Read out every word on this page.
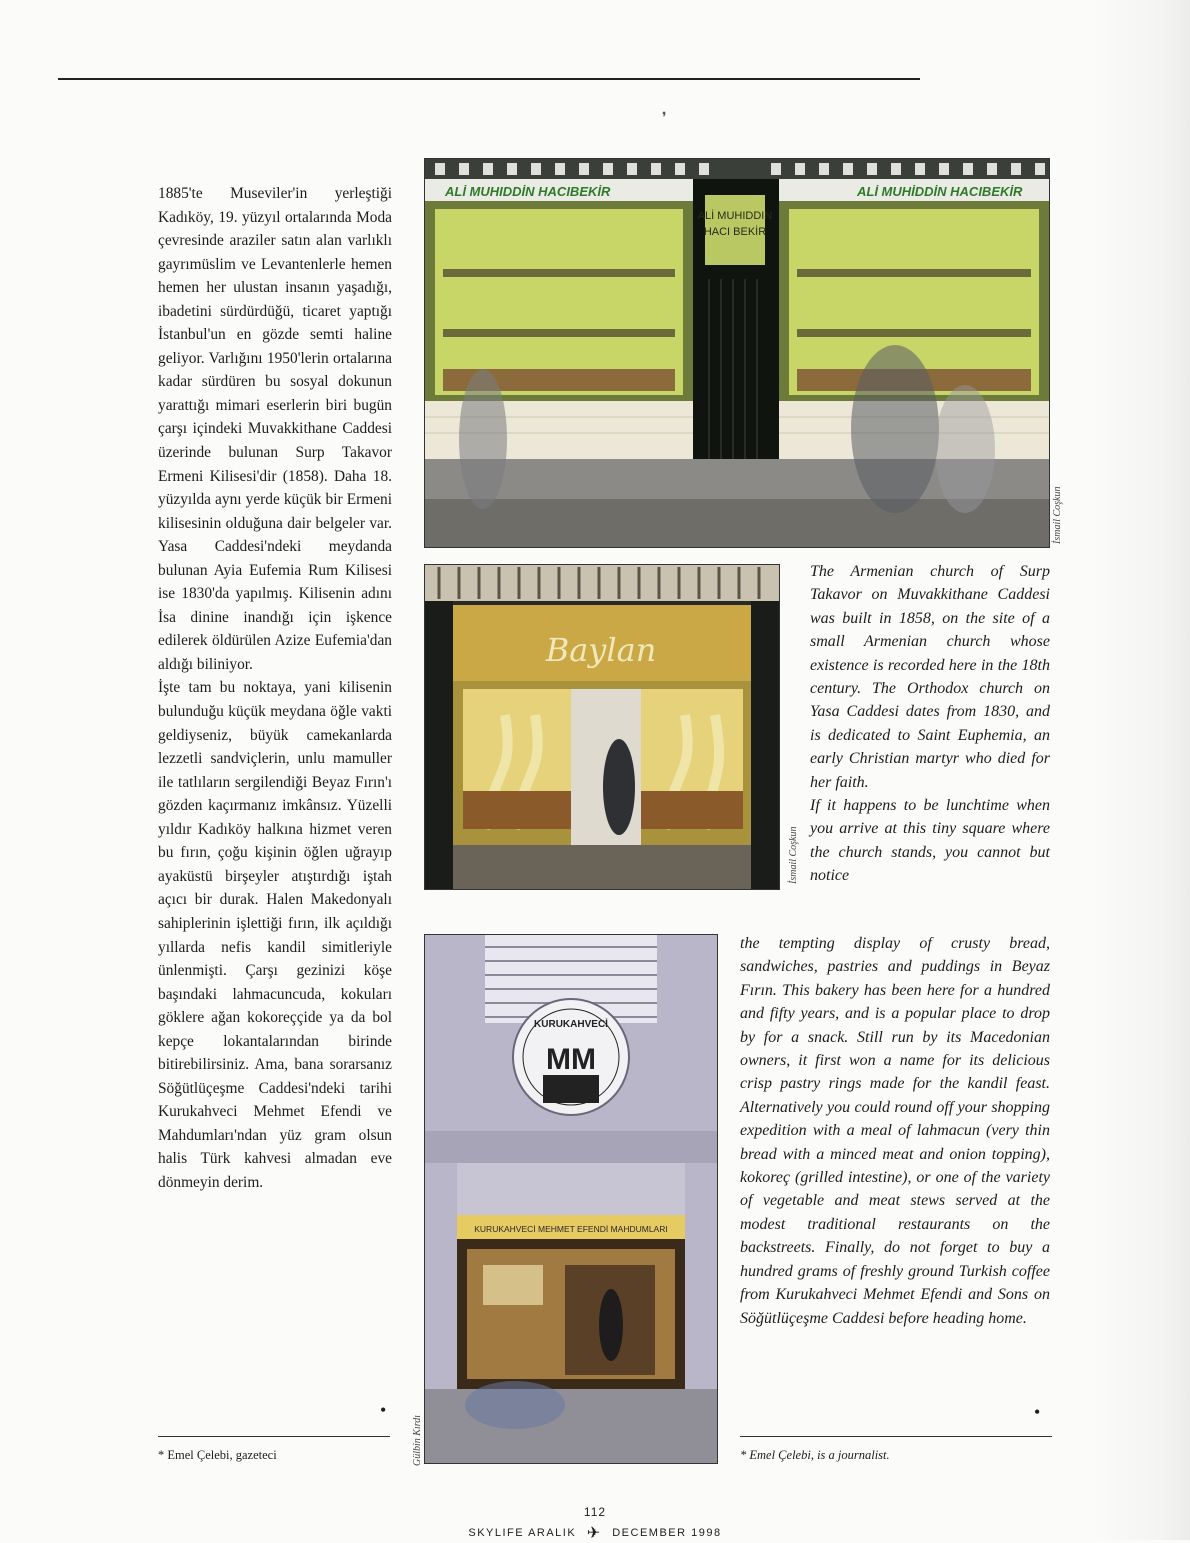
❜

1885'te Museviler'in yerleştiği Kadıköy, 19. yüzyıl ortalarında Moda çevresinde araziler satın alan varlıklı gayrımüslim ve Levantenlerle hemen hemen her ulustan insanın yaşadığı, ibadetini sürdürdüğü, ticaret yaptığı İstanbul'un en gözde semti haline geliyor. Varlığını 1950'lerin ortalarına kadar sürdüren bu sosyal dokunun yarattığı mimari eserlerin biri bugün çarşı içindeki Muvakkithane Caddesi üzerinde bulunan Surp Takavor Ermeni Kilisesi'dir (1858). Daha 18. yüzyılda aynı yerde küçük bir Ermeni kilisesinin olduğuna dair belgeler var. Yasa Caddesi'ndeki meydanda bulunan Ayia Eufemia Rum Kilisesi ise 1830'da yapılmış. Kilisenin adını İsa dinine inandığı için işkence edilerek öldürülen Azize Eufemia'dan aldığı biliniyor.

İşte tam bu noktaya, yani kilisenin bulunduğu küçük meydana öğle vakti geldiyseniz, büyük camekanlarda lezzetli sandviçlerin, unlu mamuller ile tatlıların sergilendiği Beyaz Fırın'ı gözden kaçırmanız imkânsız. Yüzelli yıldır Kadıköy halkına hizmet veren bu fırın, çoğu kişinin öğlen uğrayıp ayaküstü birşeyler atıştırdığı iştah açıcı bir durak. Halen Makedonyalı sahiplerinin işlettiği fırın, ilk açıldığı yıllarda nefis kandil simitleriyle ünlenmişti. Çarşı gezinizi köşe başındaki lahmacuncuda, kokuları göklere ağan kokoreççide ya da bol kepçe lokantalarından birinde bitirebilirsiniz. Ama, bana sorarsanız Söğütlüçeşme Caddesi'ndeki tarihi Kurukahveci Mehmet Efendi ve Mahdumları'ndan yüz gram olsun halis Türk kahvesi almadan eve dönmeyin derim.

•
ALİ MUHIDDİN HACIBEKİR	ALİ MUHİDDİN HACIBEKİR
ALİ MUHIDDIN
HACI BEKİR
İsmail Coşkun
Baylan
İsmail Coşkun
KURUKAHVECİ
MM
KURUKAHVECİ MEHMET EFENDİ MAHDUMLARI
Gülbin Kırdı

The Armenian church of Surp Takavor on Muvakkithane Caddesi was built in 1858, on the site of a small Armenian church whose existence is recorded here in the 18th century. The Orthodox church on Yasa Caddesi dates from 1830, and is dedicated to Saint Euphemia, an early Christian martyr who died for her faith.

If it happens to be lunchtime when you arrive at this tiny square where the church stands, you cannot but notice

the tempting display of crusty bread, sandwiches, pastries and puddings in Beyaz Fırın. This bakery has been here for a hundred and fifty years, and is a popular place to drop by for a snack. Still run by its Macedonian owners, it first won a name for its delicious crisp pastry rings made for the kandil feast. Alternatively you could round off your shopping expedition with a meal of lahmacun (very thin bread with a minced meat and onion topping), kokoreç (grilled intestine), or one of the variety of vegetable and meat stews served at the modest traditional restaurants on the backstreets. Finally, do not forget to buy a hundred grams of freshly ground Turkish coffee from Kurukahveci Mehmet Efendi and Sons on Söğütlüçeşme Caddesi before heading home.

•
* Emel Çelebi, gazeteci	* Emel Çelebi, is a journalist.
112
SKYLIFE ARALIK ✈ DECEMBER 1998
